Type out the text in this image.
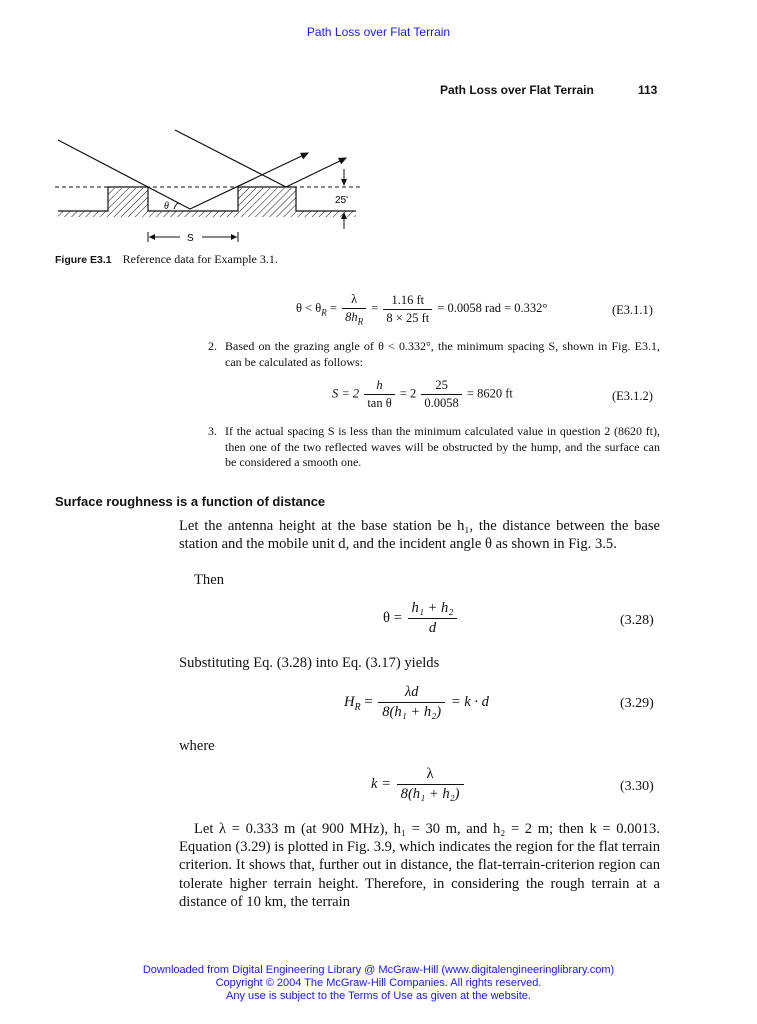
Path Loss over Flat Terrain
Path Loss over Flat Terrain	113
θ
25'
S
Figure E3.1 Reference data for Example 3.1.
$\theta < \theta_R = \frac{\lambda}{8h_R} = \frac{1.16 ft}{8 \times 25 ft} = 0.0058$ rad = 0.332°	(E3.1.1)
2. Based on the grazing angle of θ < 0.332°, the minimum spacing S, shown in Fig. E3.1, can be calculated as follows:
$S = 2 \frac{h}{\text{tan θ}} = 2 \frac{25}{0.0058} = 8620$ ft	(E3.1.2)
3. If the actual spacing S is less than the minimum calculated value in question 2 (8620 ft), then one of the two reflected waves will be obstructed by the hump, and the surface can be considered a smooth one.
Surface roughness is a function of distance
Let the antenna height at the base station be h₁, the distance between the base station and the mobile unit d, and the incident angle θ as shown in Fig. 3.5.
Then
$\theta = \frac{\text{h₁ + h₂}}{d}$	(3.28)
Substituting Eq. (3.28) into Eq. (3.17) yields
$H_R = \frac{\lambda d}{\text{8(h₁ + h₂)}} = k \cdot d$	(3.29)
where
$k = \frac{\lambda}{\text{8(h₁ + h₂)}}$	(3.30)
Let λ = 0.333 m (at 900 MHz), h₁ = 30 m, and h₂ = 2 m; then k = 0.0013. Equation (3.29) is plotted in Fig. 3.9, which indicates the region for the flat terrain criterion. It shows that, further out in distance, the flat-terrain-criterion region can tolerate higher terrain height. Therefore, in considering the rough terrain at a distance of 10 km, the terrain
Downloaded from Digital Engineering Library @ McGraw-Hill (www.digitalengineeringlibrary.com)
Copyright © 2004 The McGraw-Hill Companies. All rights reserved.
Any use is subject to the Terms of Use as given at the website.
